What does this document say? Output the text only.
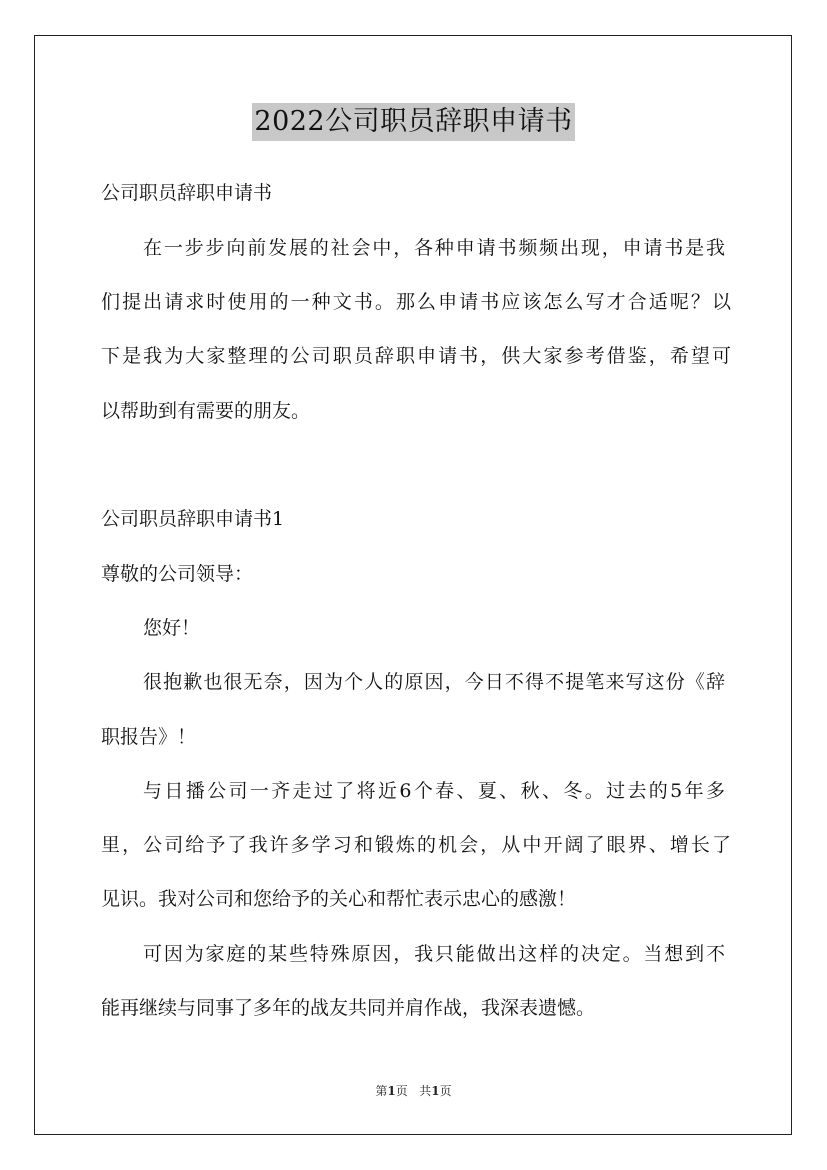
2022公司职员辞职申请书
公司职员辞职申请书
在一步步向前发展的社会中，各种申请书频频出现，申请书是我
们提出请求时使用的一种文书。那么申请书应该怎么写才合适呢？以
下是我为大家整理的公司职员辞职申请书，供大家参考借鉴，希望可
以帮助到有需要的朋友。
公司职员辞职申请书1
尊敬的公司领导：
您好！
很抱歉也很无奈，因为个人的原因，今日不得不提笔来写这份《辞
职报告》！
与日播公司一齐走过了将近6个春、夏、秋、冬。过去的5年多
里，公司给予了我许多学习和锻炼的机会，从中开阔了眼界、增长了
见识。我对公司和您给予的关心和帮忙表示忠心的感激！
可因为家庭的某些特殊原因，我只能做出这样的决定。当想到不
能再继续与同事了多年的战友共同并肩作战，我深表遗憾。
第1页 共1页
